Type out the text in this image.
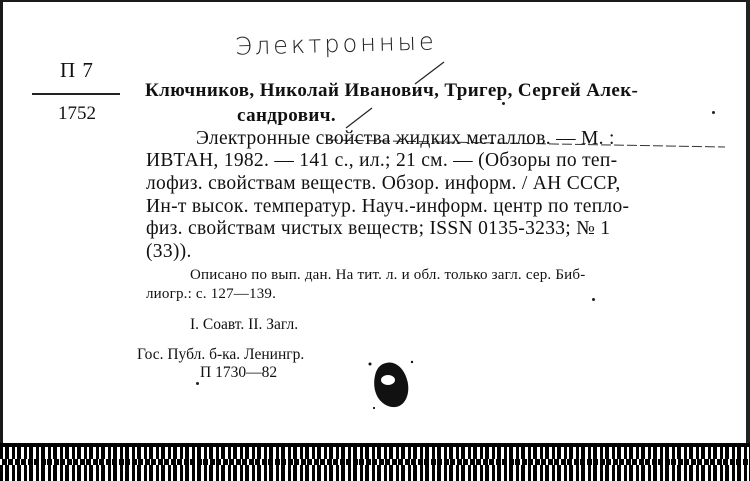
П 7
1752
Электронные
Ключников, Николай Иванович, Тригер, Сергей Алек-
сандрович.
Электронные свойства жидких металлов. — М. :
ИВТАН, 1982. — 141 с., ил.; 21 см. — (Обзоры по теп-
лофиз. свойствам веществ. Обзор. информ. / АН СССР,
Ин-т высок. температур. Науч.-информ. центр по тепло-
физ. свойствам чистых веществ; ISSN 0135-3233; № 1
(33)).
Описано по вып. дан. На тит. л. и обл. только загл. сер. Биб-
лиогр.: с. 127—139.
I. Соавт. II. Загл.
Гос. Публ. б-ка. Ленингр.
П 1730—82
